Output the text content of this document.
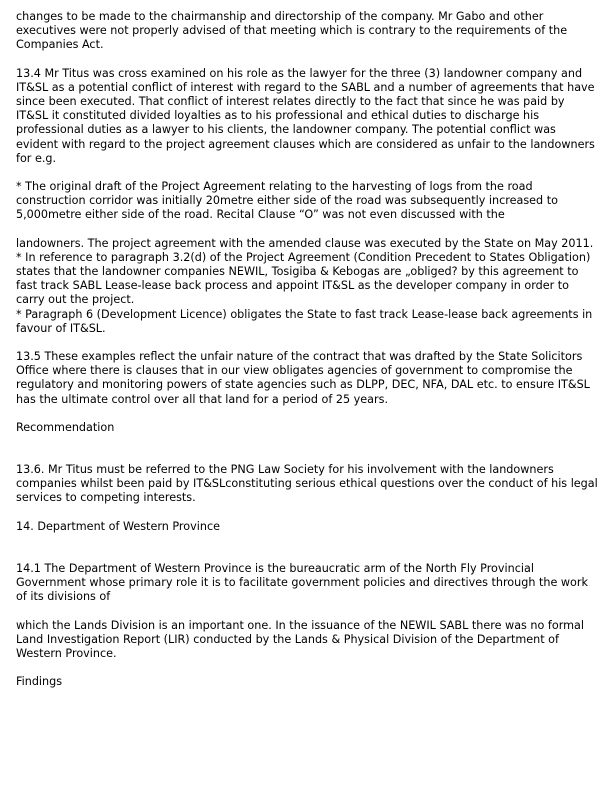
changes to be made to the chairmanship and directorship of the company. Mr Gabo and other executives were not properly advised of that meeting which is contrary to the requirements of the Companies Act.

13.4 Mr Titus was cross examined on his role as the lawyer for the three (3) landowner company and IT&SL as a potential conflict of interest with regard to the SABL and a number of agreements that have since been executed. That conflict of interest relates directly to the fact that since he was paid by IT&SL it constituted divided loyalties as to his professional and ethical duties to discharge his professional duties as a lawyer to his clients, the landowner company. The potential conflict was evident with regard to the project agreement clauses which are considered as unfair to the landowners for e.g.

* The original draft of the Project Agreement relating to the harvesting of logs from the road construction corridor was initially 20metre either side of the road was subsequently increased to 5,000metre either side of the road. Recital Clause “O” was not even discussed with the

landowners. The project agreement with the amended clause was executed by the State on May 2011.

* In reference to paragraph 3.2(d) of the Project Agreement (Condition Precedent to States Obligation) states that the landowner companies NEWIL, Tosigiba & Kebogas are „obliged? by this agreement to fast track SABL Lease-lease back process and appoint IT&SL as the developer company in order to carry out the project.

* Paragraph 6 (Development Licence) obligates the State to fast track Lease-lease back agreements in favour of IT&SL.

13.5 These examples reflect the unfair nature of the contract that was drafted by the State Solicitors Office where there is clauses that in our view obligates agencies of government to compromise the regulatory and monitoring powers of state agencies such as DLPP, DEC, NFA, DAL etc. to ensure IT&SL has the ultimate control over all that land for a period of 25 years.

Recommendation

13.6. Mr Titus must be referred to the PNG Law Society for his involvement with the landowners companies whilst been paid by IT&SLconstituting serious ethical questions over the conduct of his legal services to competing interests.

14. Department of Western Province

14.1 The Department of Western Province is the bureaucratic arm of the North Fly Provincial Government whose primary role it is to facilitate government policies and directives through the work of its divisions of

which the Lands Division is an important one. In the issuance of the NEWIL SABL there was no formal Land Investigation Report (LIR) conducted by the Lands & Physical Division of the Department of Western Province.

Findings
